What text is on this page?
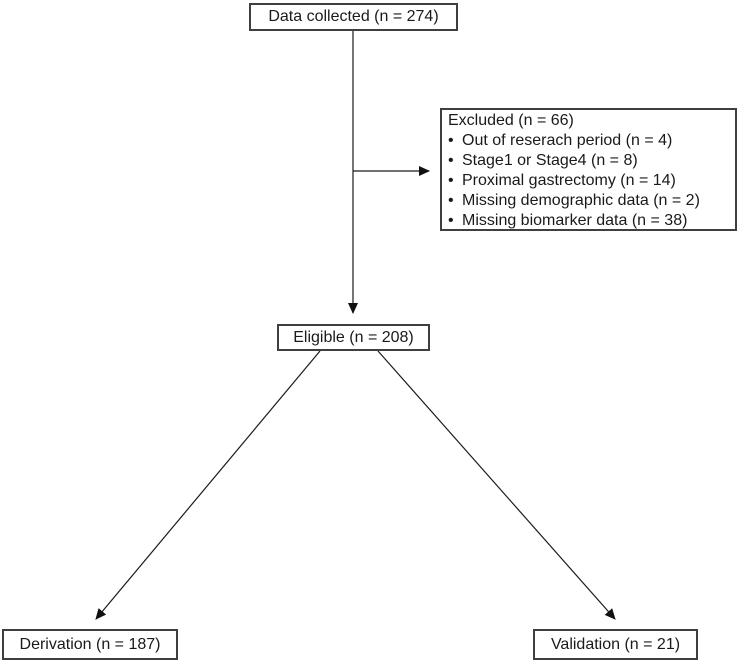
Data collected (n = 274)
Excluded (n = 66)
• Out of reserach period (n = 4)
• Stage1 or Stage4 (n = 8)
• Proximal gastrectomy (n = 14)
• Missing demographic data (n = 2)
• Missing biomarker data (n = 38)
Eligible (n = 208)
Derivation (n = 187)	Validation (n = 21)
